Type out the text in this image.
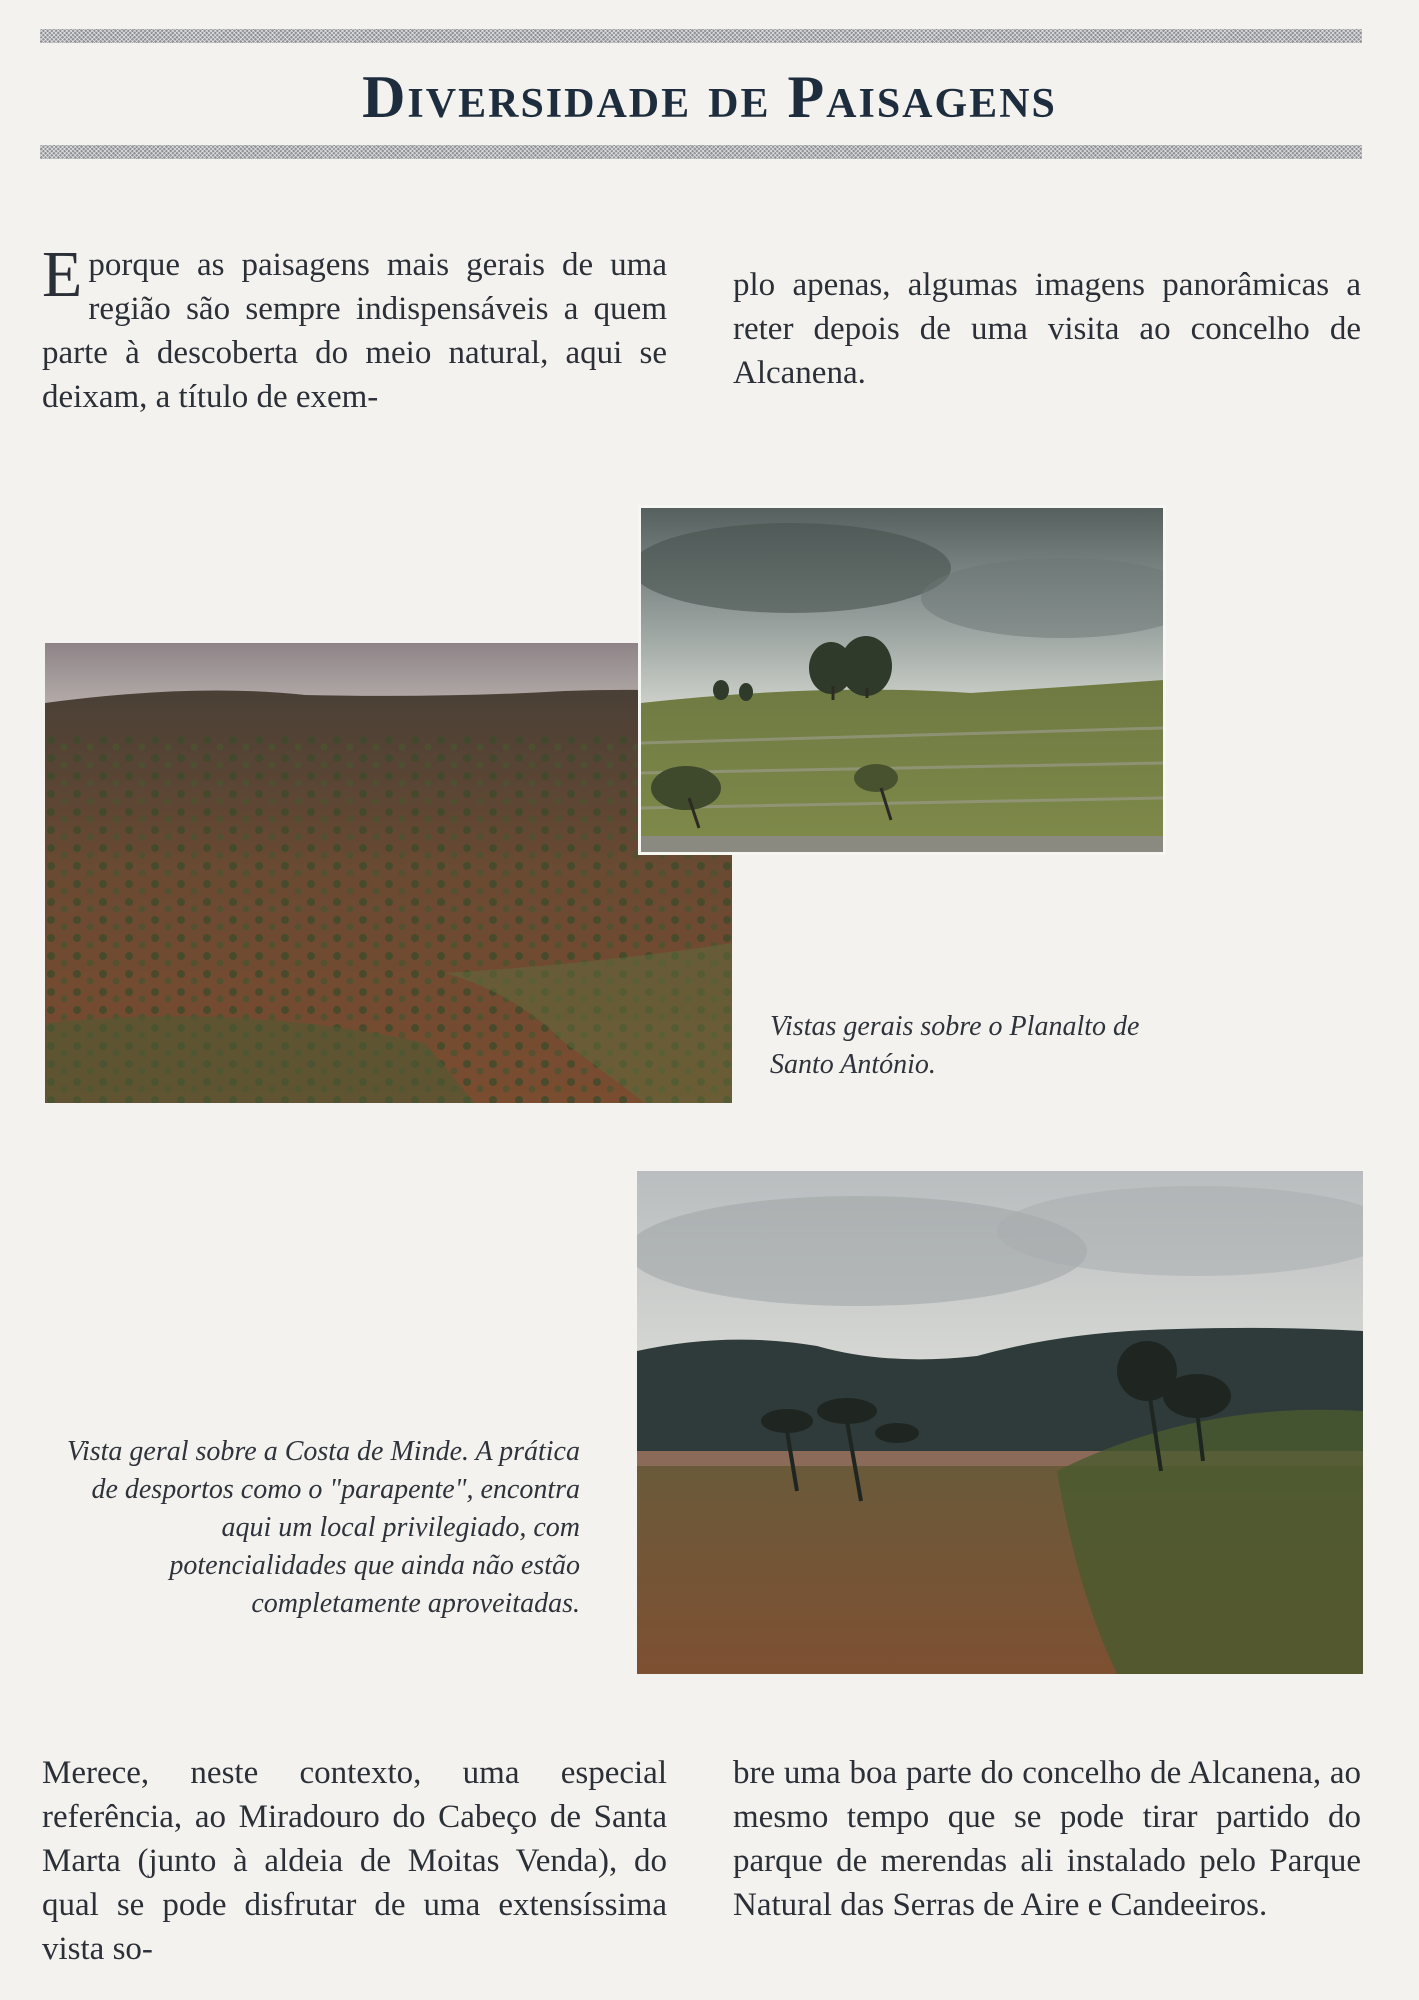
Diversidade de Paisagens

E porque as paisagens mais gerais de uma região são sempre indispensáveis a quem parte à descoberta do meio natural, aqui se deixam, a título de exem-

plo apenas, algumas imagens panorâmicas a reter depois de uma visita ao concelho de Alcanena.

Vistas gerais sobre o Planalto de Santo António.
Vista geral sobre a Costa de Minde. A prática de desportos como o "parapente", encontra aqui um local privilegiado, com potencialidades que ainda não estão completamente aproveitadas.

Merece, neste contexto, uma especial referência, ao Miradouro do Cabeço de Santa Marta (junto à aldeia de Moitas Venda), do qual se pode disfrutar de uma extensíssima vista so-

bre uma boa parte do concelho de Alcanena, ao mesmo tempo que se pode tirar partido do parque de merendas ali instalado pelo Parque Natural das Serras de Aire e Candeeiros.
